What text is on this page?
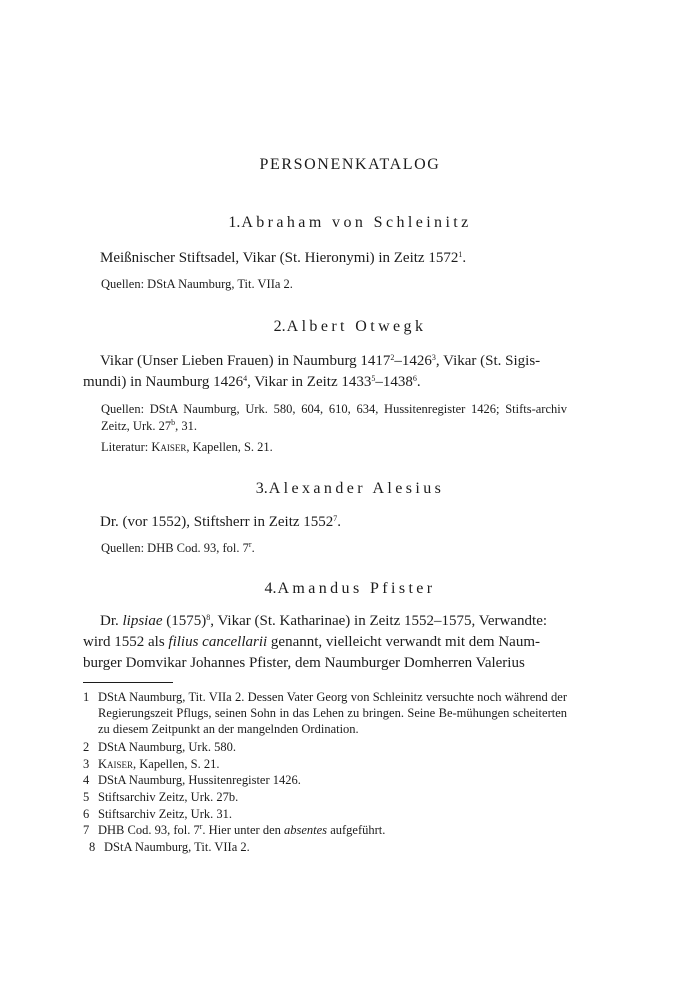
PERSONENKATALOG
1.Abraham von Schleinitz
Meißnischer Stiftsadel, Vikar (St. Hieronymi) in Zeitz 1572$^1$.
Quellen: DStA Naumburg, Tit. VIIa 2.
2.Albert Otwegk
Vikar (Unser Lieben Frauen) in Naumburg 1417$^2$–1426$^3$, Vikar (St. Sigis-
mundi) in Naumburg 1426$^4$, Vikar in Zeitz 1433$^5$–1438$^6$.
Quellen: DStA Naumburg, Urk. 580, 604, 610, 634, Hussitenregister 1426; Stifts-archiv Zeitz, Urk. 27$^b$, 31.
Literatur: Kaiser, Kapellen, S. 21.
3.Alexander Alesius
Dr. (vor 1552), Stiftsherr in Zeitz 1552$^7$.
Quellen: DHB Cod. 93, fol. 7$^r$.
4.Amandus Pfister
Dr. lipsiae $(1575)^8$, Vikar (St. Katharinae) in Zeitz 1552–1575, Verwandte:
wird 1552 als filius cancellarii genannt, vielleicht verwandt mit dem Naum-
burger Domvikar Johannes Pfister, dem Naumburger Domherren Valerius
1 DStA Naumburg, Tit. VIIa 2. Dessen Vater Georg von Schleinitz versuchte noch während der Regierungszeit Pflugs, seinen Sohn in das Lehen zu bringen. Seine Be-mühungen scheiterten zu diesem Zeitpunkt an der mangelnden Ordination.
2 DStA Naumburg, Urk. 580.
3 Kaiser, Kapellen, S. 21.
4 DStA Naumburg, Hussitenregister 1426.
5 Stiftsarchiv Zeitz, Urk. 27b.
6 Stiftsarchiv Zeitz, Urk. 31.
7 DHB Cod. 93, fol. 7$^r$. Hier unter den absentes aufgeführt.
8 DStA Naumburg, Tit. VIIa 2.
